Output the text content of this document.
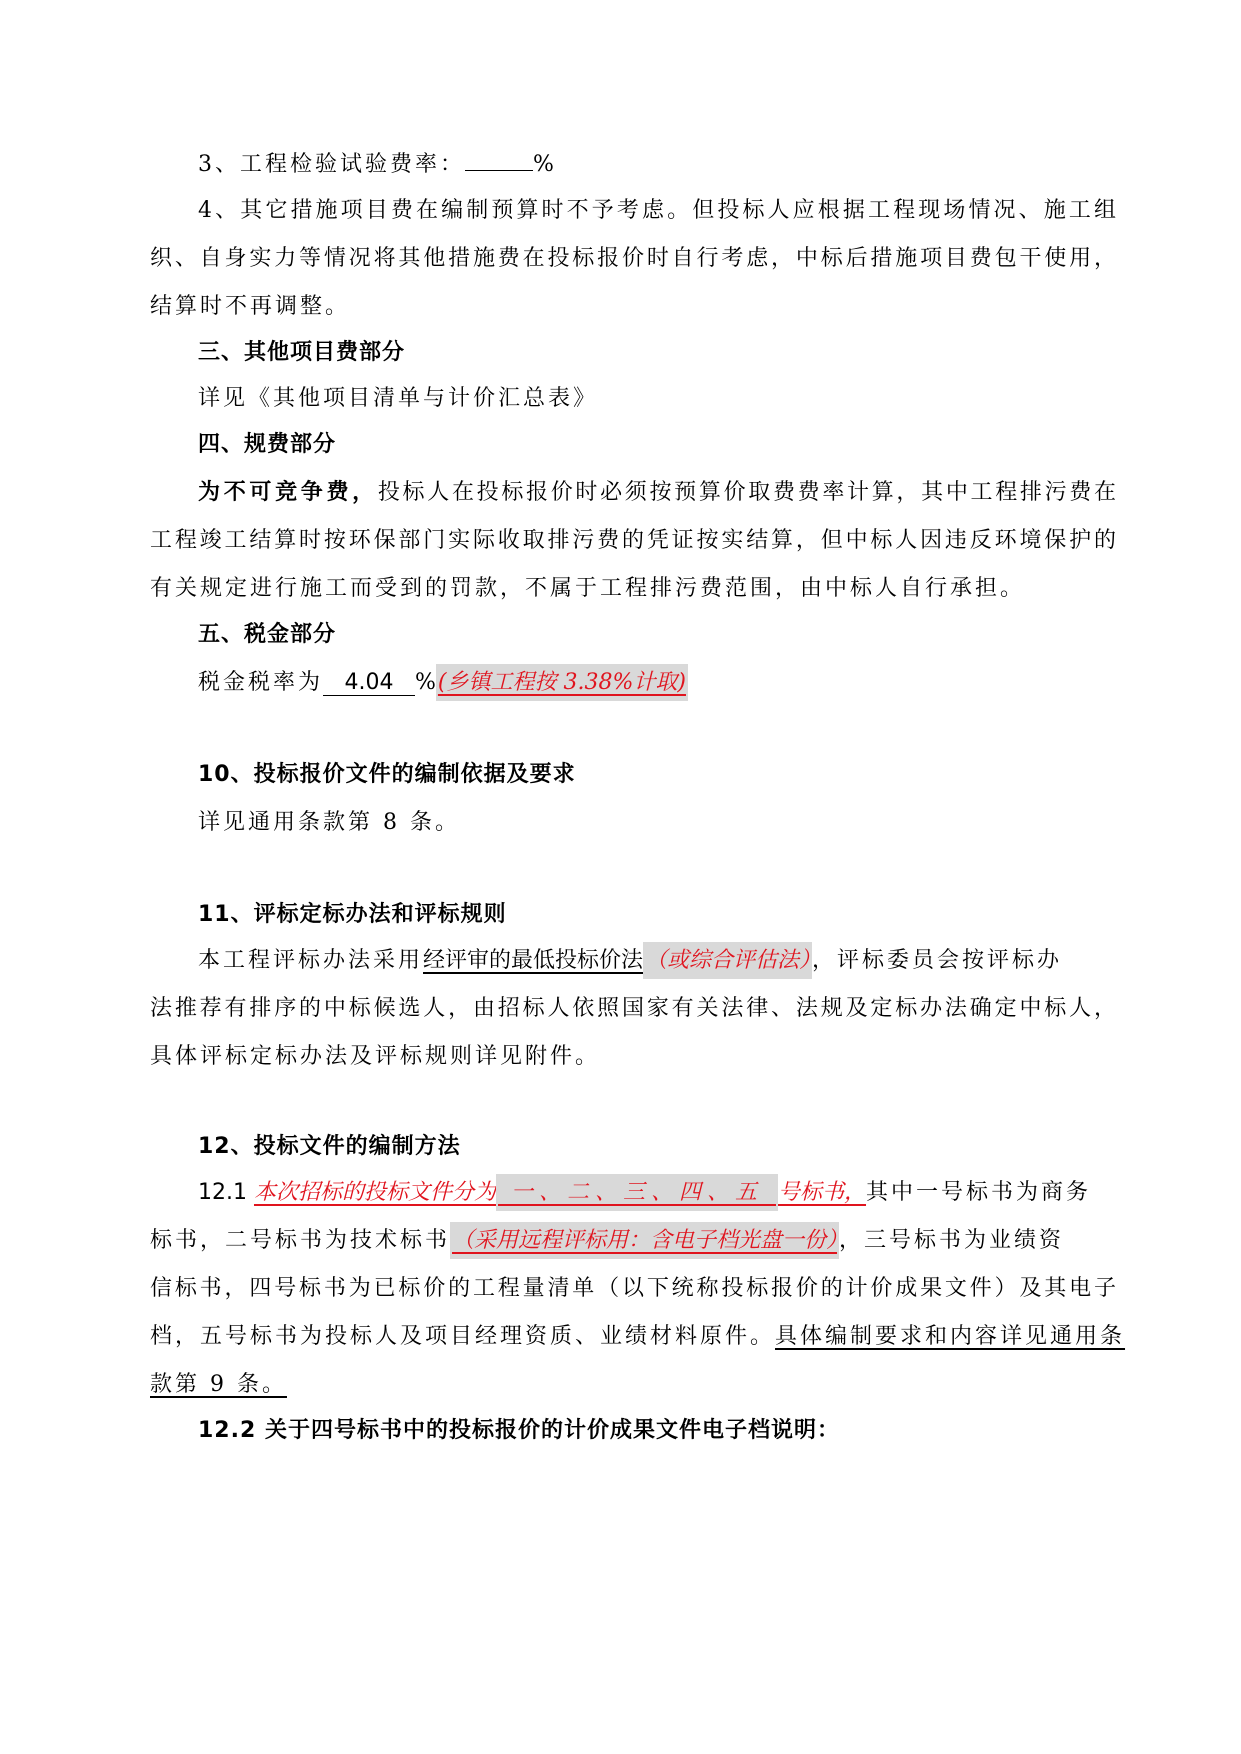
3、工程检验试验费率：	%
4、其它措施项目费在编制预算时不予考虑。但投标人应根据工程现场情况、施工组
织、自身实力等情况将其他措施费在投标报价时自行考虑，中标后措施项目费包干使用，
结算时不再调整。
三、其他项目费部分
详见《其他项目清单与计价汇总表》
四、规费部分
为不可竞争费，投标人在投标报价时必须按预算价取费费率计算，其中工程排污费在
工程竣工结算时按环保部门实际收取排污费的凭证按实结算，但中标人因违反环境保护的
有关规定进行施工而受到的罚款，不属于工程排污费范围，由中标人自行承担。
五、税金部分
税金税率为 4.04 %(乡镇工程按 3.38%计取)
10、投标报价文件的编制依据及要求
详见通用条款第 8 条。
11、评标定标办法和评标规则
本工程评标办法采用经评审的最低投标价法（或综合评估法），评标委员会按评标办
法推荐有排序的中标候选人，由招标人依照国家有关法律、法规及定标办法确定中标人，
具体评标定标办法及评标规则详见附件。
12、投标文件的编制方法
12.1 本次招标的投标文件分为 一、二、三、四、五 号标书，其中一号标书为商务
标书，二号标书为技术标书（采用远程评标用：含电子档光盘一份），三号标书为业绩资
信标书，四号标书为已标价的工程量清单（以下统称投标报价的计价成果文件）及其电子
档，五号标书为投标人及项目经理资质、业绩材料原件。具体编制要求和内容详见通用条
款第 9 条。
12.2 关于四号标书中的投标报价的计价成果文件电子档说明：
